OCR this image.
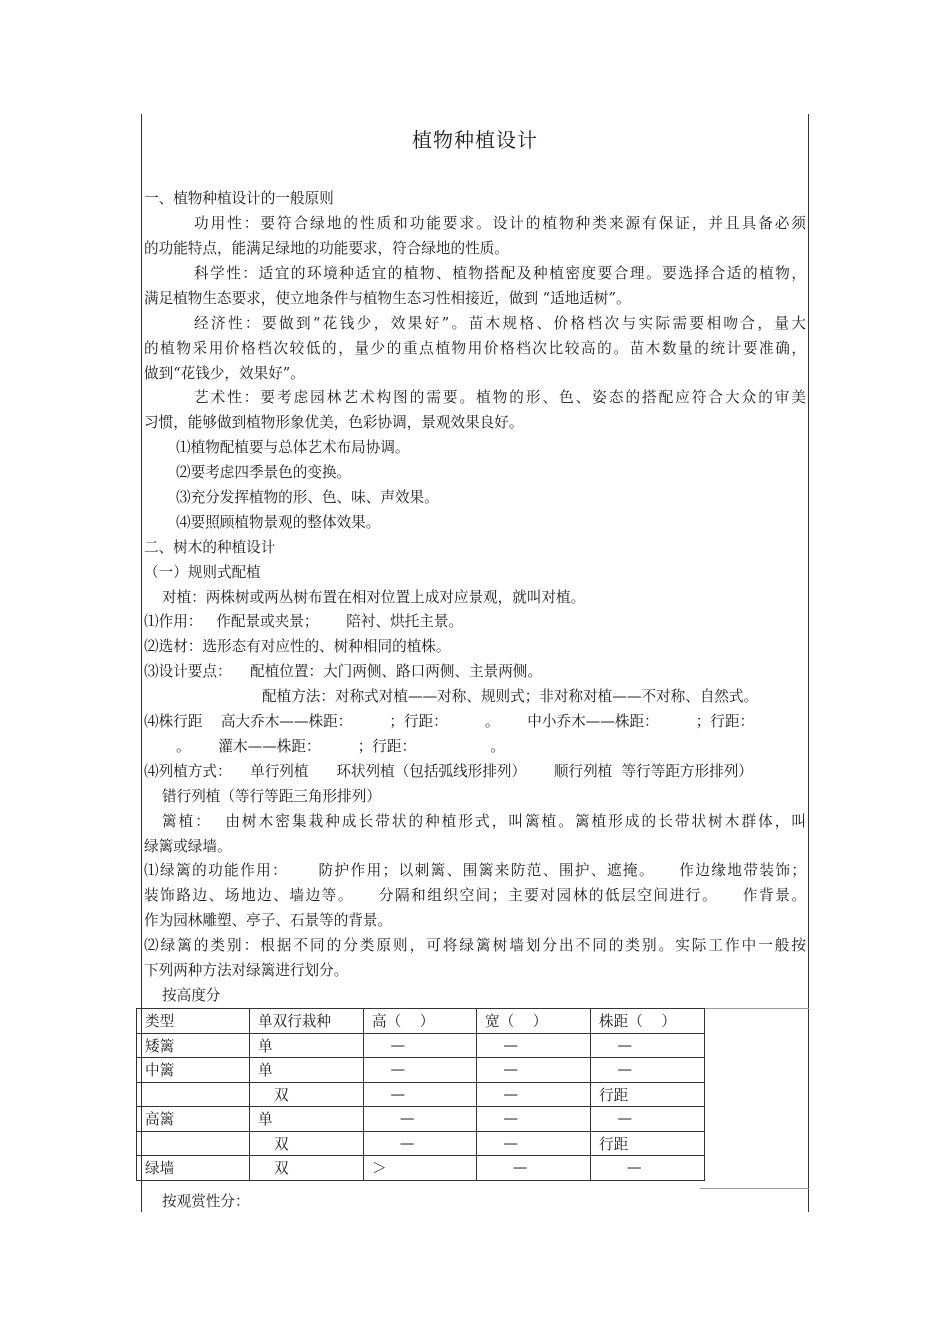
植物种植设计
一、植物种植设计的一般原则
功用性：要符合绿地的性质和功能要求。设计的植物种类来源有保证，并且具备必须
的功能特点，能满足绿地的功能要求，符合绿地的性质。
科学性：适宜的环境种适宜的植物、植物搭配及种植密度要合理。要选择合适的植物，
满足植物生态要求，使立地条件与植物生态习性相接近，做到 “适地适树”。
经济性：要做到“花钱少，效果好”。苗木规格、价格档次与实际需要相吻合，量大
的植物采用价格档次较低的，量少的重点植物用价格档次比较高的。苗木数量的统计要准确，
做到“花钱少，效果好”。
艺术性：要考虑园林艺术构图的需要。植物的形、色、姿态的搭配应符合大众的审美
习惯，能够做到植物形象优美，色彩协调，景观效果良好。
⑴植物配植要与总体艺术布局协调。
⑵要考虑四季景色的变换。
⑶充分发挥植物的形、色、味、声效果。
⑷要照顾植物景观的整体效果。
二、树木的种植设计
（一）规则式配植
对植：两株树或两丛树布置在相对位置上成对应景观，就叫对植。
⑴作用：   作配景或夹景；      陪衬、烘托主景。
⑵选材：选形态有对应性的、树种相同的植株。
⑶设计要点：    配植位置：大门两侧、路口两侧、主景两侧。
配植方法：对称式对植——对称、规则式；非对称对植——不对称、自然式。
⑷株行距    高大乔木——株距：        ；行距：        。      中小乔木——株距：        ；行距：
。      灌木——株距：        ；行距：                。
⑷列植方式：    单行列植      环状列植（包括弧线形排列）      顺行列植  等行等距方形排列）
错行列植（等行等距三角形排列）
篱植：  由树木密集栽种成长带状的种植形式，叫篱植。篱植形成的长带状树木群体，叫
绿篱或绿墙。
⑴绿篱的功能作用：     防护作用；以刺篱、围篱来防范、围护、遮掩。    作边缘地带装饰；
装饰路边、场地边、墙边等。    分隔和组织空间；主要对园林的低层空间进行。    作背景。
作为园林雕塑、亭子、石景等的背景。
⑵绿篱的类别：根据不同的分类原则，可将绿篱树墙划分出不同的类别。实际工作中一般按
下列两种方法对绿篱进行划分。
按高度分
类型	单双行栽种	高（    ）	宽（    ）	株距（    ）
矮篱	单	—	—	—
中篱	单	—	—	—
	双	—	—	行距
高篱	单	—	—	—
	双	—	—	行距
绿墙	双	＞	—	—
按观赏性分：
